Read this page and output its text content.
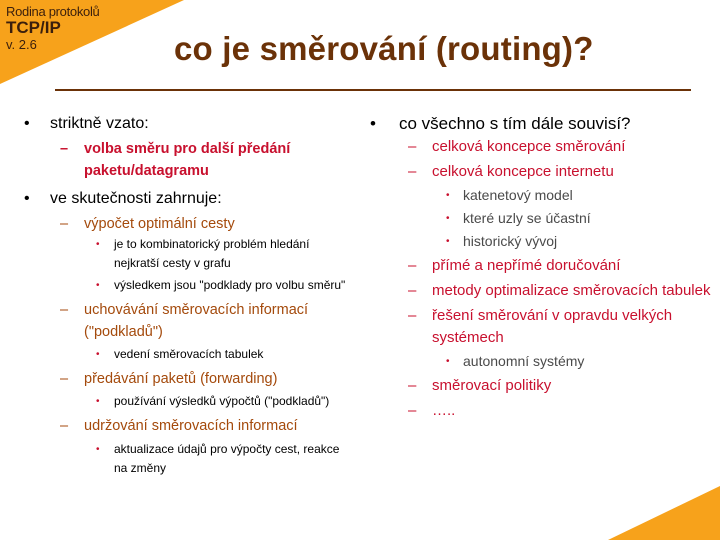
Rodina protokolů
TCP/IP
v. 2.6	co je směrování (routing)?
• striktně vzato:
– volba směru pro další předání paketu/datagramu
• ve skutečnosti zahrnuje:
– výpočet optimální cesty
• je to kombinatorický problém hledání nejkratší cesty v grafu
• výsledkem jsou "podklady pro volbu směru"
– uchovávání směrovacích informací ("podkladů")
• vedení směrovacích tabulek
– předávání paketů (forwarding)
• používání výsledků výpočtů ("podkladů")
– udržování směrovacích informací
• aktualizace údajů pro výpočty cest, reakce na změny
• co všechno s tím dále souvisí?
– celková koncepce směrování
– celková koncepce internetu
• katenetový model
• které uzly se účastní
• historický vývoj
– přímé a nepřímé doručování
– metody optimalizace směrovacích tabulek
– řešení směrování v opravdu velkých systémech
• autonomní systémy
– směrovací politiky
– …..
